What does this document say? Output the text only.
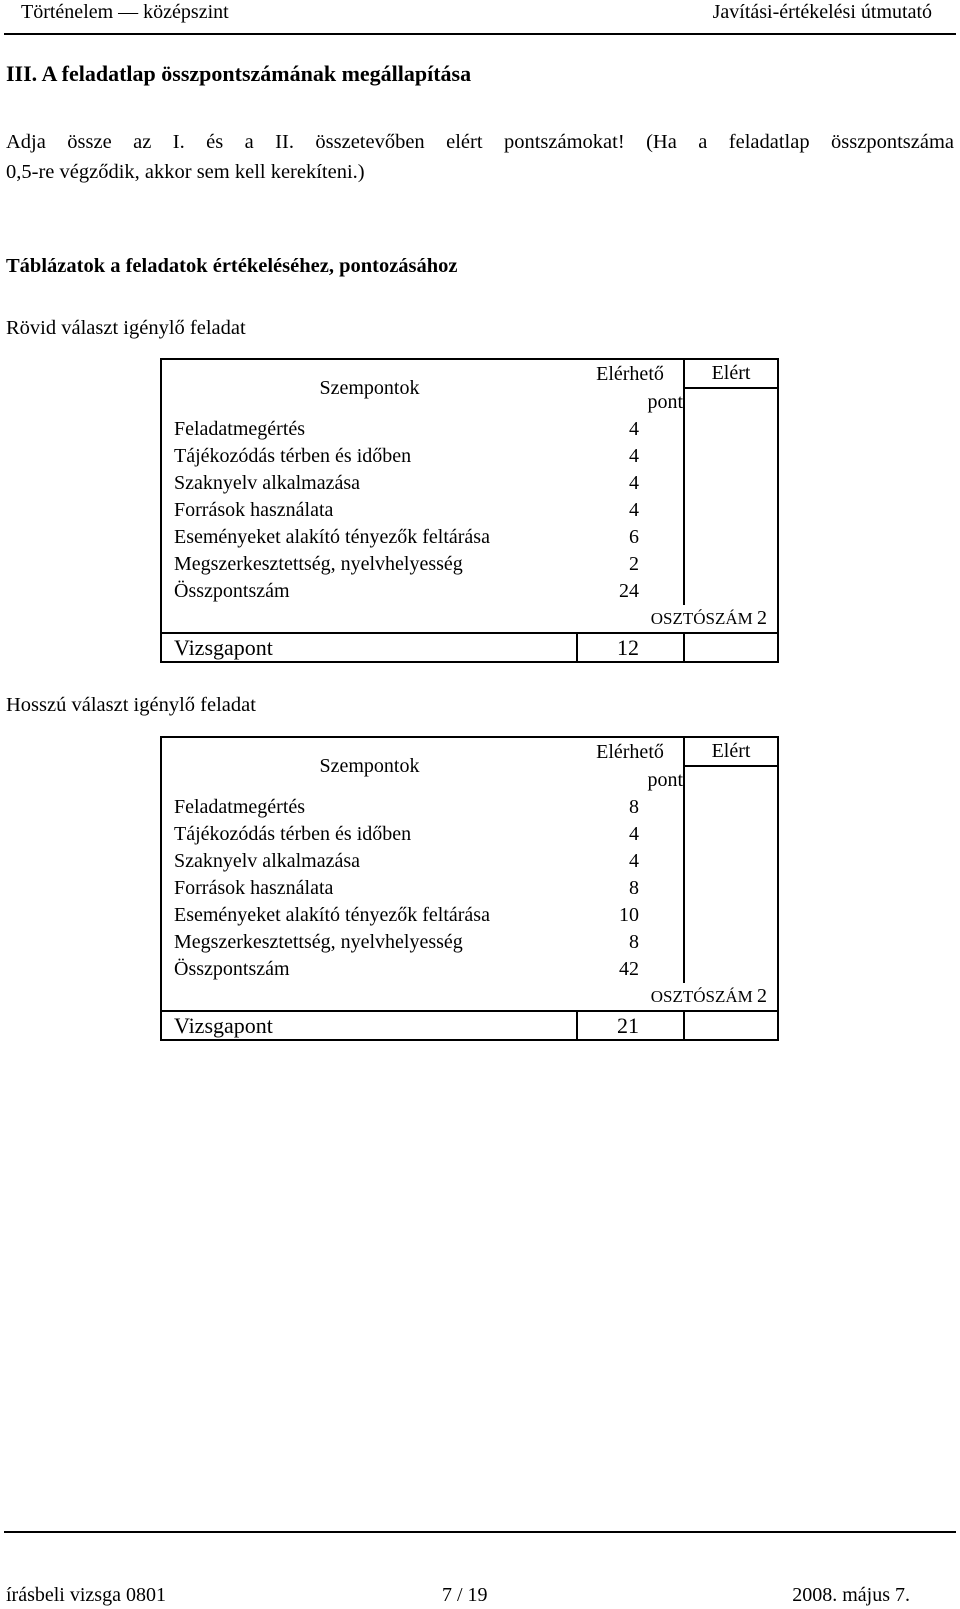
Történelem — középszint	Javítási-értékelési útmutató
III. A feladatlap összpontszámának megállapítása
Adja össze az I. és a II. összetevőben elért pontszámokat! (Ha a feladatlap összpontszáma
0,5-re végződik, akkor sem kell kerekíteni.)
Táblázatok a feladatok értékeléséhez, pontozásához
Rövid választ igénylő feladat
Szempontok	Elérhető	Elért
	pont	
Feladatmegértés	4	
Tájékozódás térben és időben	4	
Szaknyelv alkalmazása	4	
Források használata	4	
Eseményeket alakító tényezők feltárása	6	
Megszerkesztettség, nyelvhelyesség	2	
Összpontszám	24	
	OSZTÓSZÁM 2	
Vizsgapont	12	
Hosszú választ igénylő feladat
Szempontok	Elérhető	Elért
	pont	
Feladatmegértés	8	
Tájékozódás térben és időben	4	
Szaknyelv alkalmazása	4	
Források használata	8	
Eseményeket alakító tényezők feltárása	10	
Megszerkesztettség, nyelvhelyesség	8	
Összpontszám	42	
	OSZTÓSZÁM 2	
Vizsgapont	21	
írásbeli vizsga 0801	7 / 19	2008. május 7.
